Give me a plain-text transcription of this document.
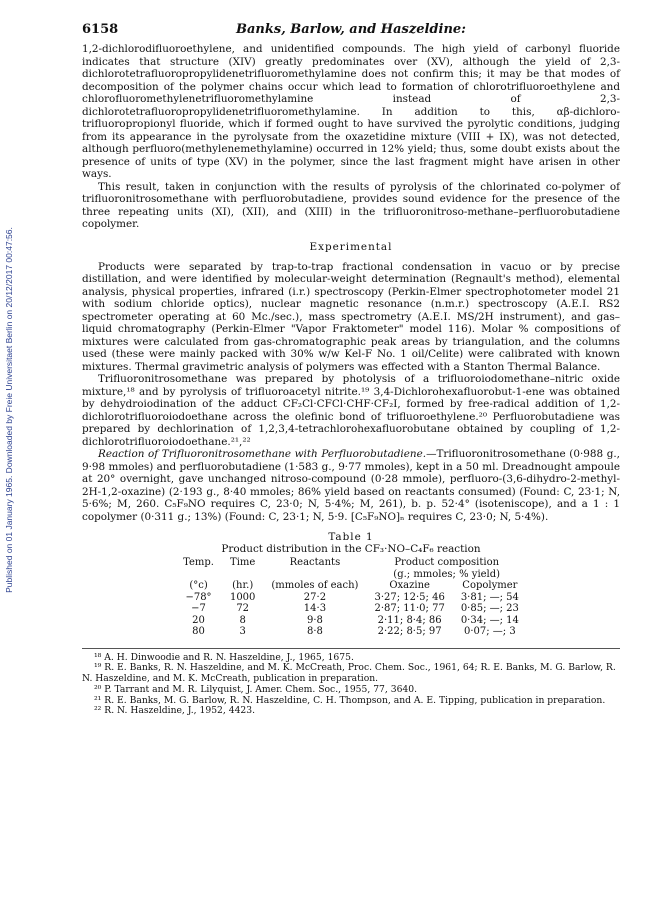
Published on 01 January 1965. Downloaded by Freie Universitaet Berlin on 20/12/2017 00:47:56.
6158	Banks, Barlow, and Haszeldine:

1,2-dichlorodifluoroethylene, and unidentified compounds. The high yield of carbonyl fluoride indicates that structure (XIV) greatly predominates over (XV), although the yield of 2,3-dichlorotetrafluoropropylidenetrifluoromethylamine does not confirm this; it may be that modes of decomposition of the polymer chains occur which lead to formation of chlorotrifluoroethylene and chlorofluoromethylenetrifluoromethylamine instead of 2,3-dichlorotetrafluoropropylidenetrifluoromethylamine. In addition to this, αβ-dichloro-trifluoropropionyl fluoride, which if formed ought to have survived the pyrolytic conditions, judging from its appearance in the pyrolysate from the oxazetidine mixture (VIII + IX), was not detected, although perfluoro(methylenemethylamine) occurred in 12% yield; thus, some doubt exists about the presence of units of type (XV) in the polymer, since the last fragment might have arisen in other ways.

This result, taken in conjunction with the results of pyrolysis of the chlorinated co-polymer of trifluoronitrosomethane with perfluorobutadiene, provides sound evidence for the presence of the three repeating units (XI), (XII), and (XIII) in the trifluoronitroso-methane–perfluorobutadiene copolymer.

Experimental

Products were separated by trap-to-trap fractional condensation in vacuo or by precise distillation, and were identified by molecular-weight determination (Regnault's method), elemental analysis, physical properties, infrared (i.r.) spectroscopy (Perkin-Elmer spectrophotometer model 21 with sodium chloride optics), nuclear magnetic resonance (n.m.r.) spectroscopy (A.E.I. RS2 spectrometer operating at 60 Mc./sec.), mass spectrometry (A.E.I. MS/2H instrument), and gas–liquid chromatography (Perkin-Elmer "Vapor Fraktometer" model 116). Molar % compositions of mixtures were calculated from gas-chromatographic peak areas by triangulation, and the columns used (these were mainly packed with 30% w/w Kel-F No. 1 oil/Celite) were calibrated with known mixtures. Thermal gravimetric analysis of polymers was effected with a Stanton Thermal Balance.

Trifluoronitrosomethane was prepared by photolysis of a trifluoroiodomethane–nitric oxide mixture,¹⁸ and by pyrolysis of trifluoroacetyl nitrite.¹⁹ 3,4-Dichlorohexafluorobut-1-ene was obtained by dehydroiodination of the adduct CF₂Cl·CFCl·CHF·CF₂I, formed by free-radical addition of 1,2-dichlorotrifluoroiodoethane across the olefinic bond of trifluoroethylene.²⁰ Perfluorobutadiene was prepared by dechlorination of 1,2,3,4-tetrachlorohexafluorobutane obtained by coupling of 1,2-dichlorotrifluoroiodoethane.²¹,²²

Reaction of Trifluoronitrosomethane with Perfluorobutadiene.—Trifluoronitrosomethane (0·988 g., 9·98 mmoles) and perfluorobutadiene (1·583 g., 9·77 mmoles), kept in a 50 ml. Dreadnought ampoule at 20° overnight, gave unchanged nitroso-compound (0·28 mmole), perfluoro-(3,6-dihydro-2-methyl-2H-1,2-oxazine) (2·193 g., 8·40 mmoles; 86% yield based on reactants consumed) (Found: C, 23·1; N, 5·6%; M, 260. C₅F₉NO requires C, 23·0; N, 5·4%; M, 261), b. p. 52·4° (isoteniscope), and a 1 : 1 copolymer (0·311 g.; 13%) (Found: C, 23·1; N, 5·9. [C₅F₉NO]ₙ requires C, 23·0; N, 5·4%).

Table 1
Product distribution in the CF₃·NO–C₄F₆ reaction
Temp.	Time	Reactants	Product composition	
			(g.; mmoles; % yield)	
(°c)	(hr.)	(mmoles of each)	Oxazine	Copolymer
−78°	1000	27·2	3·27; 12·5; 46	3·81; —; 54
−7	72	14·3	2·87; 11·0; 77	0·85; —; 23
20	8	9·8	2·11; 8·4; 86	0·34; —; 14
80	3	8·8	2·22; 8·5; 97	0·07; —; 3

¹⁸ A. H. Dinwoodie and R. N. Haszeldine, J., 1965, 1675.

¹⁹ R. E. Banks, R. N. Haszeldine, and M. K. McCreath, Proc. Chem. Soc., 1961, 64; R. E. Banks, M. G. Barlow, R. N. Haszeldine, and M. K. McCreath, publication in preparation.

²⁰ P. Tarrant and M. R. Lilyquist, J. Amer. Chem. Soc., 1955, 77, 3640.

²¹ R. E. Banks, M. G. Barlow, R. N. Haszeldine, C. H. Thompson, and A. E. Tipping, publication in preparation.

²² R. N. Haszeldine, J., 1952, 4423.
